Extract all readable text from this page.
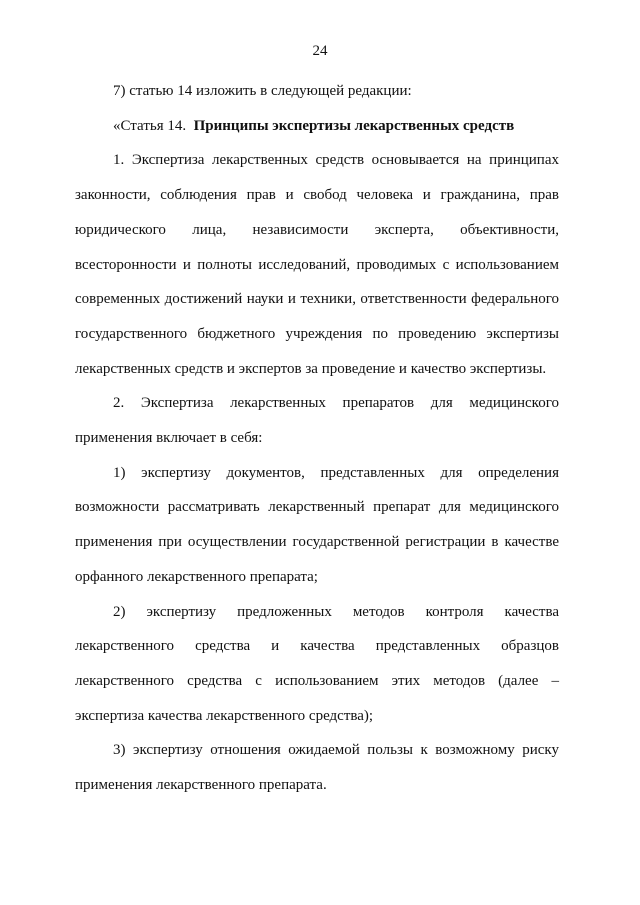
24

7) статью 14 изложить в следующей редакции:

«Статья 14. Принципы экспертизы лекарственных средств

1. Экспертиза лекарственных средств основывается на принципах законности, соблюдения прав и свобод человека и гражданина, прав юридического лица, независимости эксперта, объективности, всесторонности и полноты исследований, проводимых с использованием современных достижений науки и техники, ответственности федерального государственного бюджетного учреждения по проведению экспертизы лекарственных средств и экспертов за проведение и качество экспертизы.

2. Экспертиза лекарственных препаратов для медицинского применения включает в себя:

1) экспертизу документов, представленных для определения возможности рассматривать лекарственный препарат для медицинского применения при осуществлении государственной регистрации в качестве орфанного лекарственного препарата;

2) экспертизу предложенных методов контроля качества лекарственного средства и качества представленных образцов лекарственного средства с использованием этих методов (далее – экспертиза качества лекарственного средства);

3) экспертизу отношения ожидаемой пользы к возможному риску применения лекарственного препарата.
